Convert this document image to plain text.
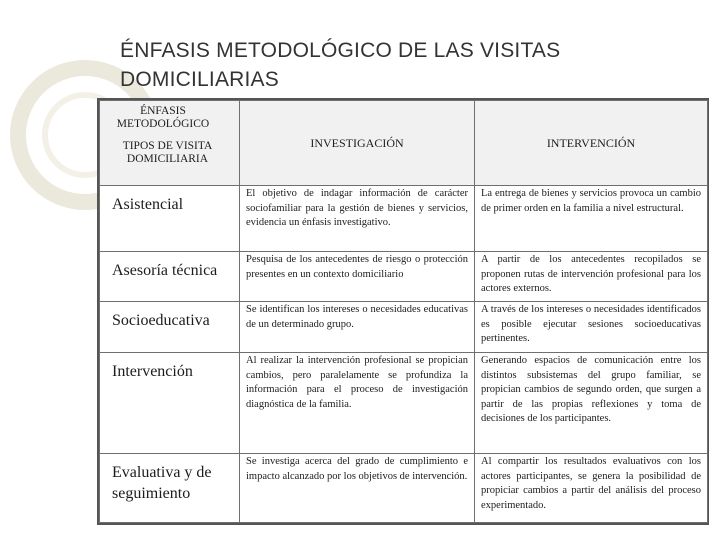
ÉNFASIS METODOLÓGICO DE LAS VISITAS DOMICILIARIAS
ÉNFASIS METODOLÓGICO
TIPOS DE VISITA DOMICILIARIA	INVESTIGACIÓN	INTERVENCIÓN
Asistencial	El objetivo de indagar información de carácter sociofamiliar para la gestión de bienes y servicios, evidencia un énfasis investigativo.	La entrega de bienes y servicios provoca un cambio de primer orden en la familia a nivel estructural.
Asesoría técnica	Pesquisa de los antecedentes de riesgo o protección presentes en un contexto domiciliario	A partir de los antecedentes recopilados se proponen rutas de intervención profesional para los actores externos.
Socioeducativa	Se identifican los intereses o necesidades educativas de un determinado grupo.	A través de los intereses o necesidades identificados es posible ejecutar sesiones socioeducativas pertinentes.
Intervención	Al realizar la intervención profesional se propician cambios, pero paralelamente se profundiza la información para el proceso de investigación diagnóstica de la familia.	Generando espacios de comunicación entre los distintos subsistemas del grupo familiar, se propician cambios de segundo orden, que surgen a partir de las propias reflexiones y toma de decisiones de los participantes.
Evaluativa y de seguimiento	Se investiga acerca del grado de cumplimiento e impacto alcanzado por los objetivos de intervención.	Al compartir los resultados evaluativos con los actores participantes, se genera la posibilidad de propiciar cambios a partir del análisis del proceso experimentado.
